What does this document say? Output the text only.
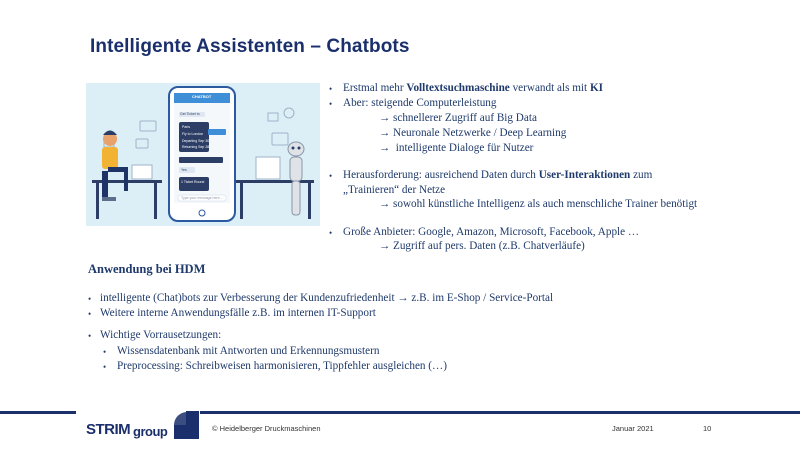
Intelligente Assistenten – Chatbots
CHATBOT
Get Ticket to
Paris
Fly to London
Departing Sep 30
Returning Sep 28
Yes
1 Ticket Round
Type your message here...
• Erstmal mehr Volltextsuchmaschine verwandt als mit KI
• Aber: steigende Computerleistung
→ schnellerer Zugriff auf Big Data
→ Neuronale Netzwerke / Deep Learning
→ intelligente Dialoge für Nutzer
• Herausforderung: ausreichend Daten durch User-Interaktionen zum
„Trainieren“ der Netze
→ sowohl künstliche Intelligenz als auch menschliche Trainer benötigt
• Große Anbieter: Google, Amazon, Microsoft, Facebook, Apple …
→ Zugriff auf pers. Daten (z.B. Chatverläufe)
Anwendung bei HDM
• intelligente (Chat)bots zur Verbesserung der Kundenzufriedenheit → z.B. im E-Shop / Service-Portal
• Weitere interne Anwendungsfälle z.B. im internen IT-Support
• Wichtige Vorrausetzungen:
• Wissensdatenbank mit Antworten und Erkennungsmustern
• Preprocessing: Schreibweisen harmonisieren, Tippfehler ausgleichen (…)
STRIM group	© Heidelberger Druckmaschinen	Januar 2021	10
